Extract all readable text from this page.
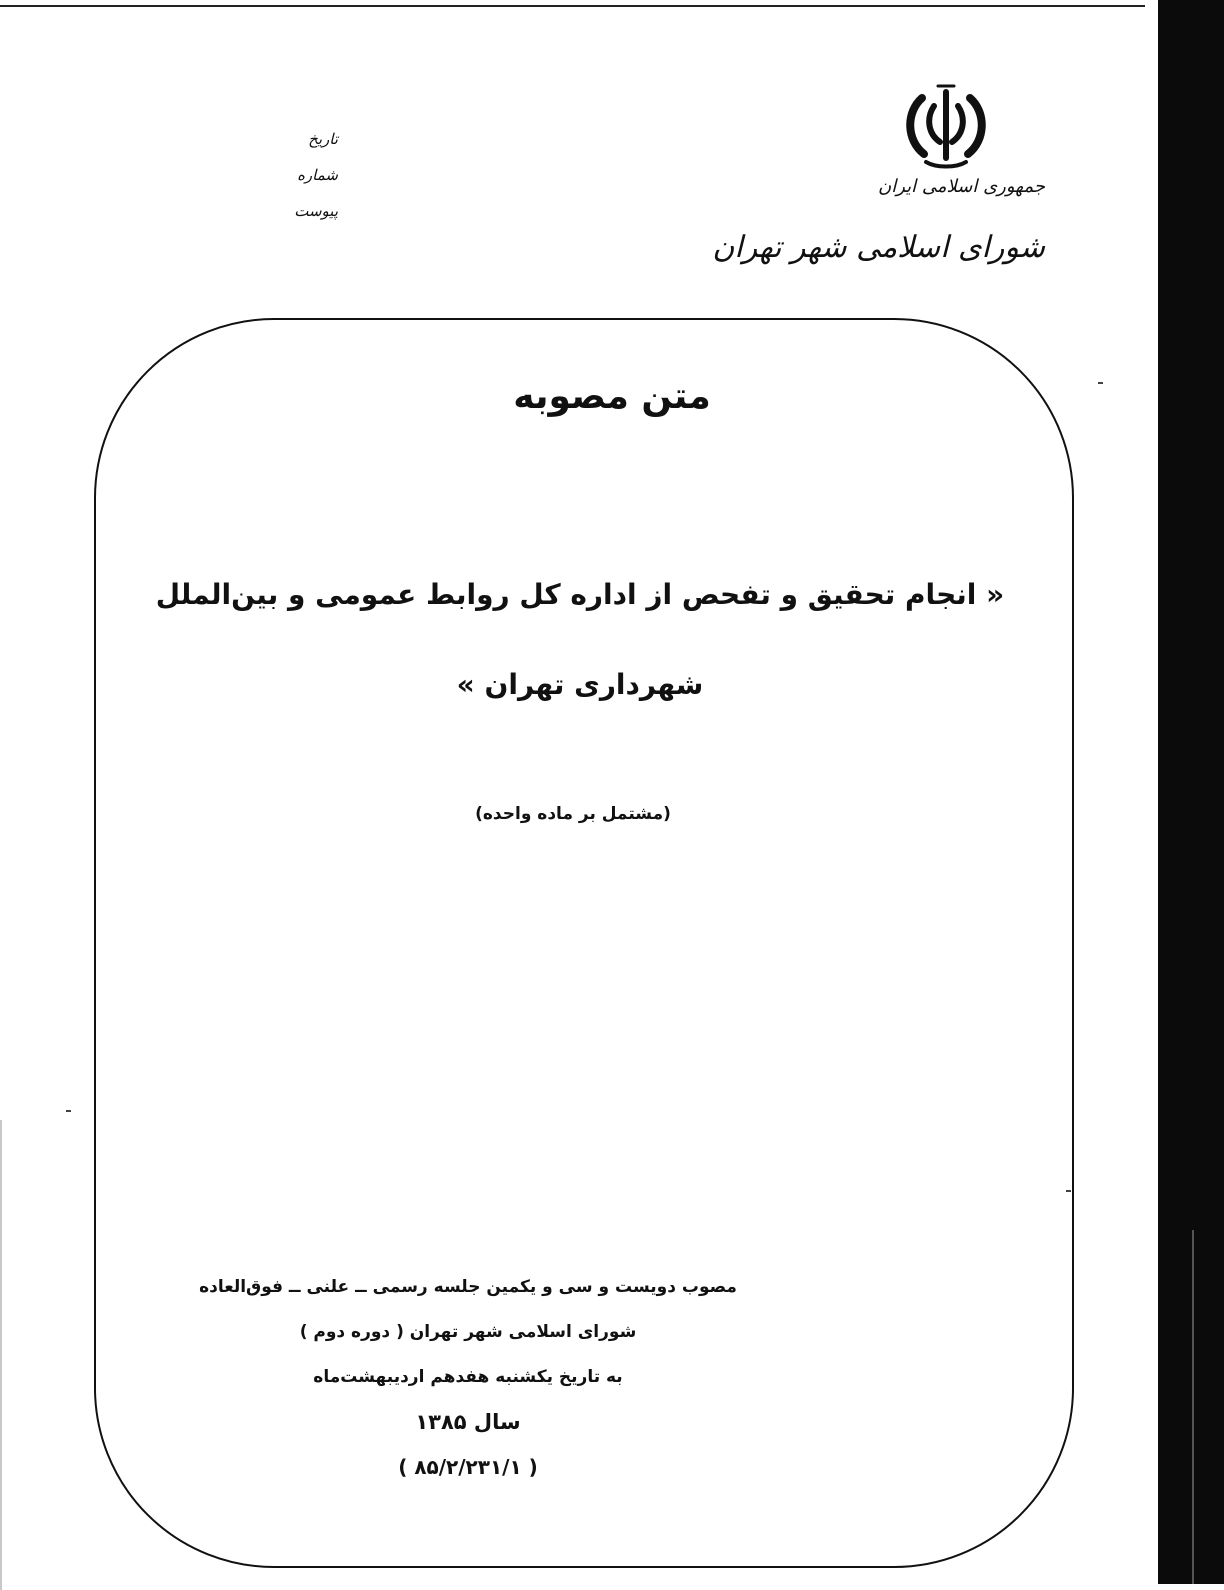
جمهوری اسلامی ایران
شورای اسلامی شهر تهران
تاریخ
شماره
پیوست
متن مصوبه
« انجام تحقیق و تفحص از اداره کل روابط عمومی و بین‌الملل
شهرداری تهران »
(مشتمل بر ماده واحده)
مصوب دویست و سی و یکمین جلسه رسمی ــ علنی ــ فوق‌العاده
شورای اسلامی شهر تهران ( دوره دوم )
به تاریخ یکشنبه هفدهم اردیبهشت‌ماه
سال ۱۳۸۵
( ۸۵/۲/۲۳۱/۱ )
